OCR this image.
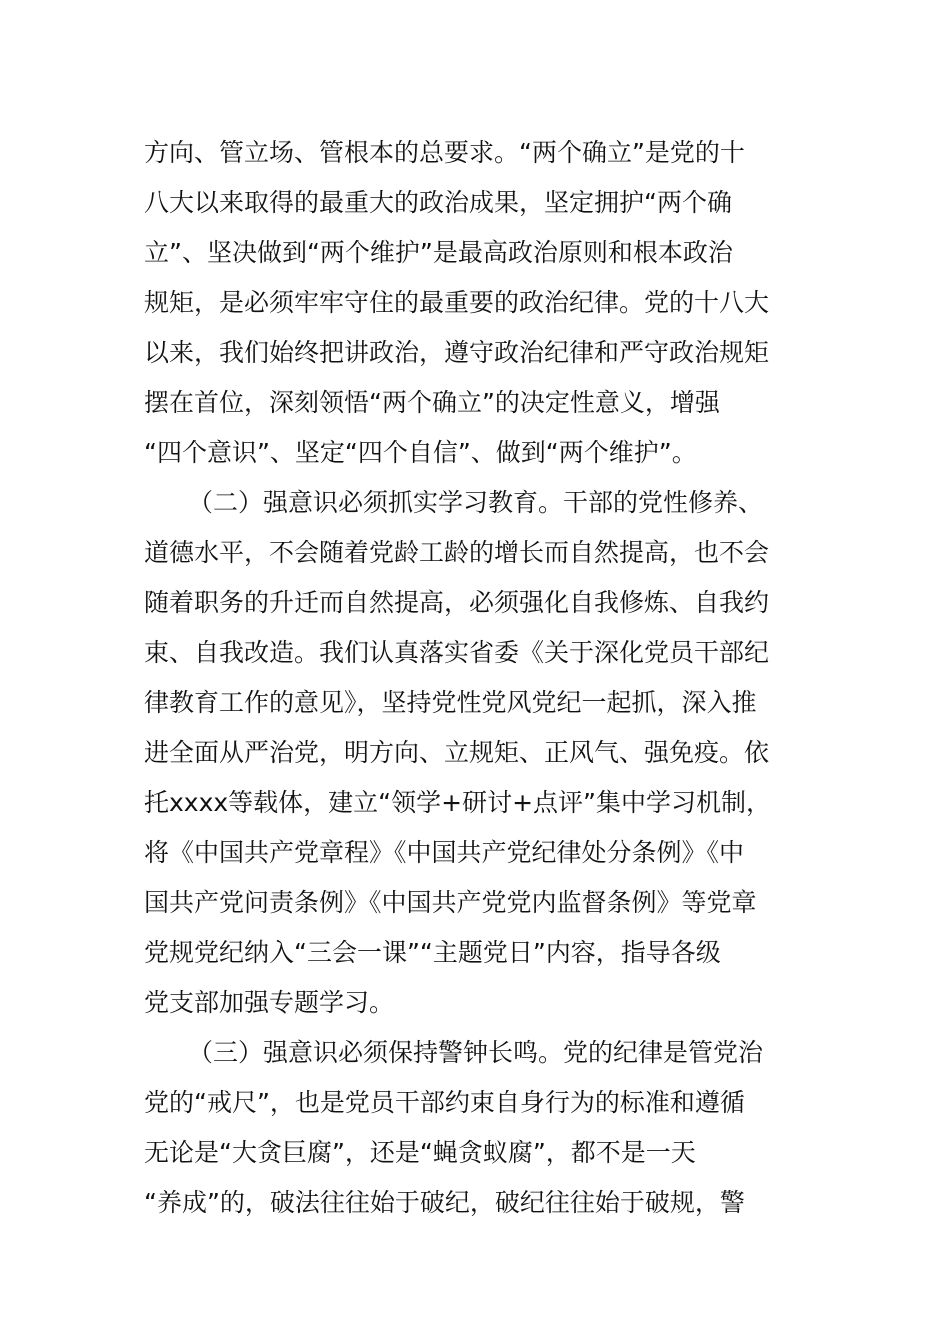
方向、管立场、管根本的总要求。“两个确立”是党的十
八大以来取得的最重大的政治成果，坚定拥护“两个确
立”、坚决做到“两个维护”是最高政治原则和根本政治
规矩，是必须牢牢守住的最重要的政治纪律。党的十八大
以来，我们始终把讲政治，遵守政治纪律和严守政治规矩
摆在首位，深刻领悟“两个确立”的决定性意义，增强
“四个意识”、坚定“四个自信”、做到“两个维护”。
（二）强意识必须抓实学习教育。干部的党性修养、
道德水平，不会随着党龄工龄的增长而自然提高，也不会
随着职务的升迁而自然提高，必须强化自我修炼、自我约
束、自我改造。我们认真落实省委《关于深化党员干部纪
律教育工作的意见》，坚持党性党风党纪一起抓，深入推
进全面从严治党，明方向、立规矩、正风气、强免疫。依
托xxxx等载体，建立“领学+研讨+点评”集中学习机制，
将《中国共产党章程》《中国共产党纪律处分条例》《中
国共产党问责条例》《中国共产党党内监督条例》等党章
党规党纪纳入“三会一课”“主题党日”内容，指导各级
党支部加强专题学习。
（三）强意识必须保持警钟长鸣。党的纪律是管党治
党的“戒尺”，也是党员干部约束自身行为的标准和遵循
无论是“大贪巨腐”，还是“蝇贪蚁腐”，都不是一天
“养成”的，破法往往始于破纪，破纪往往始于破规，警
